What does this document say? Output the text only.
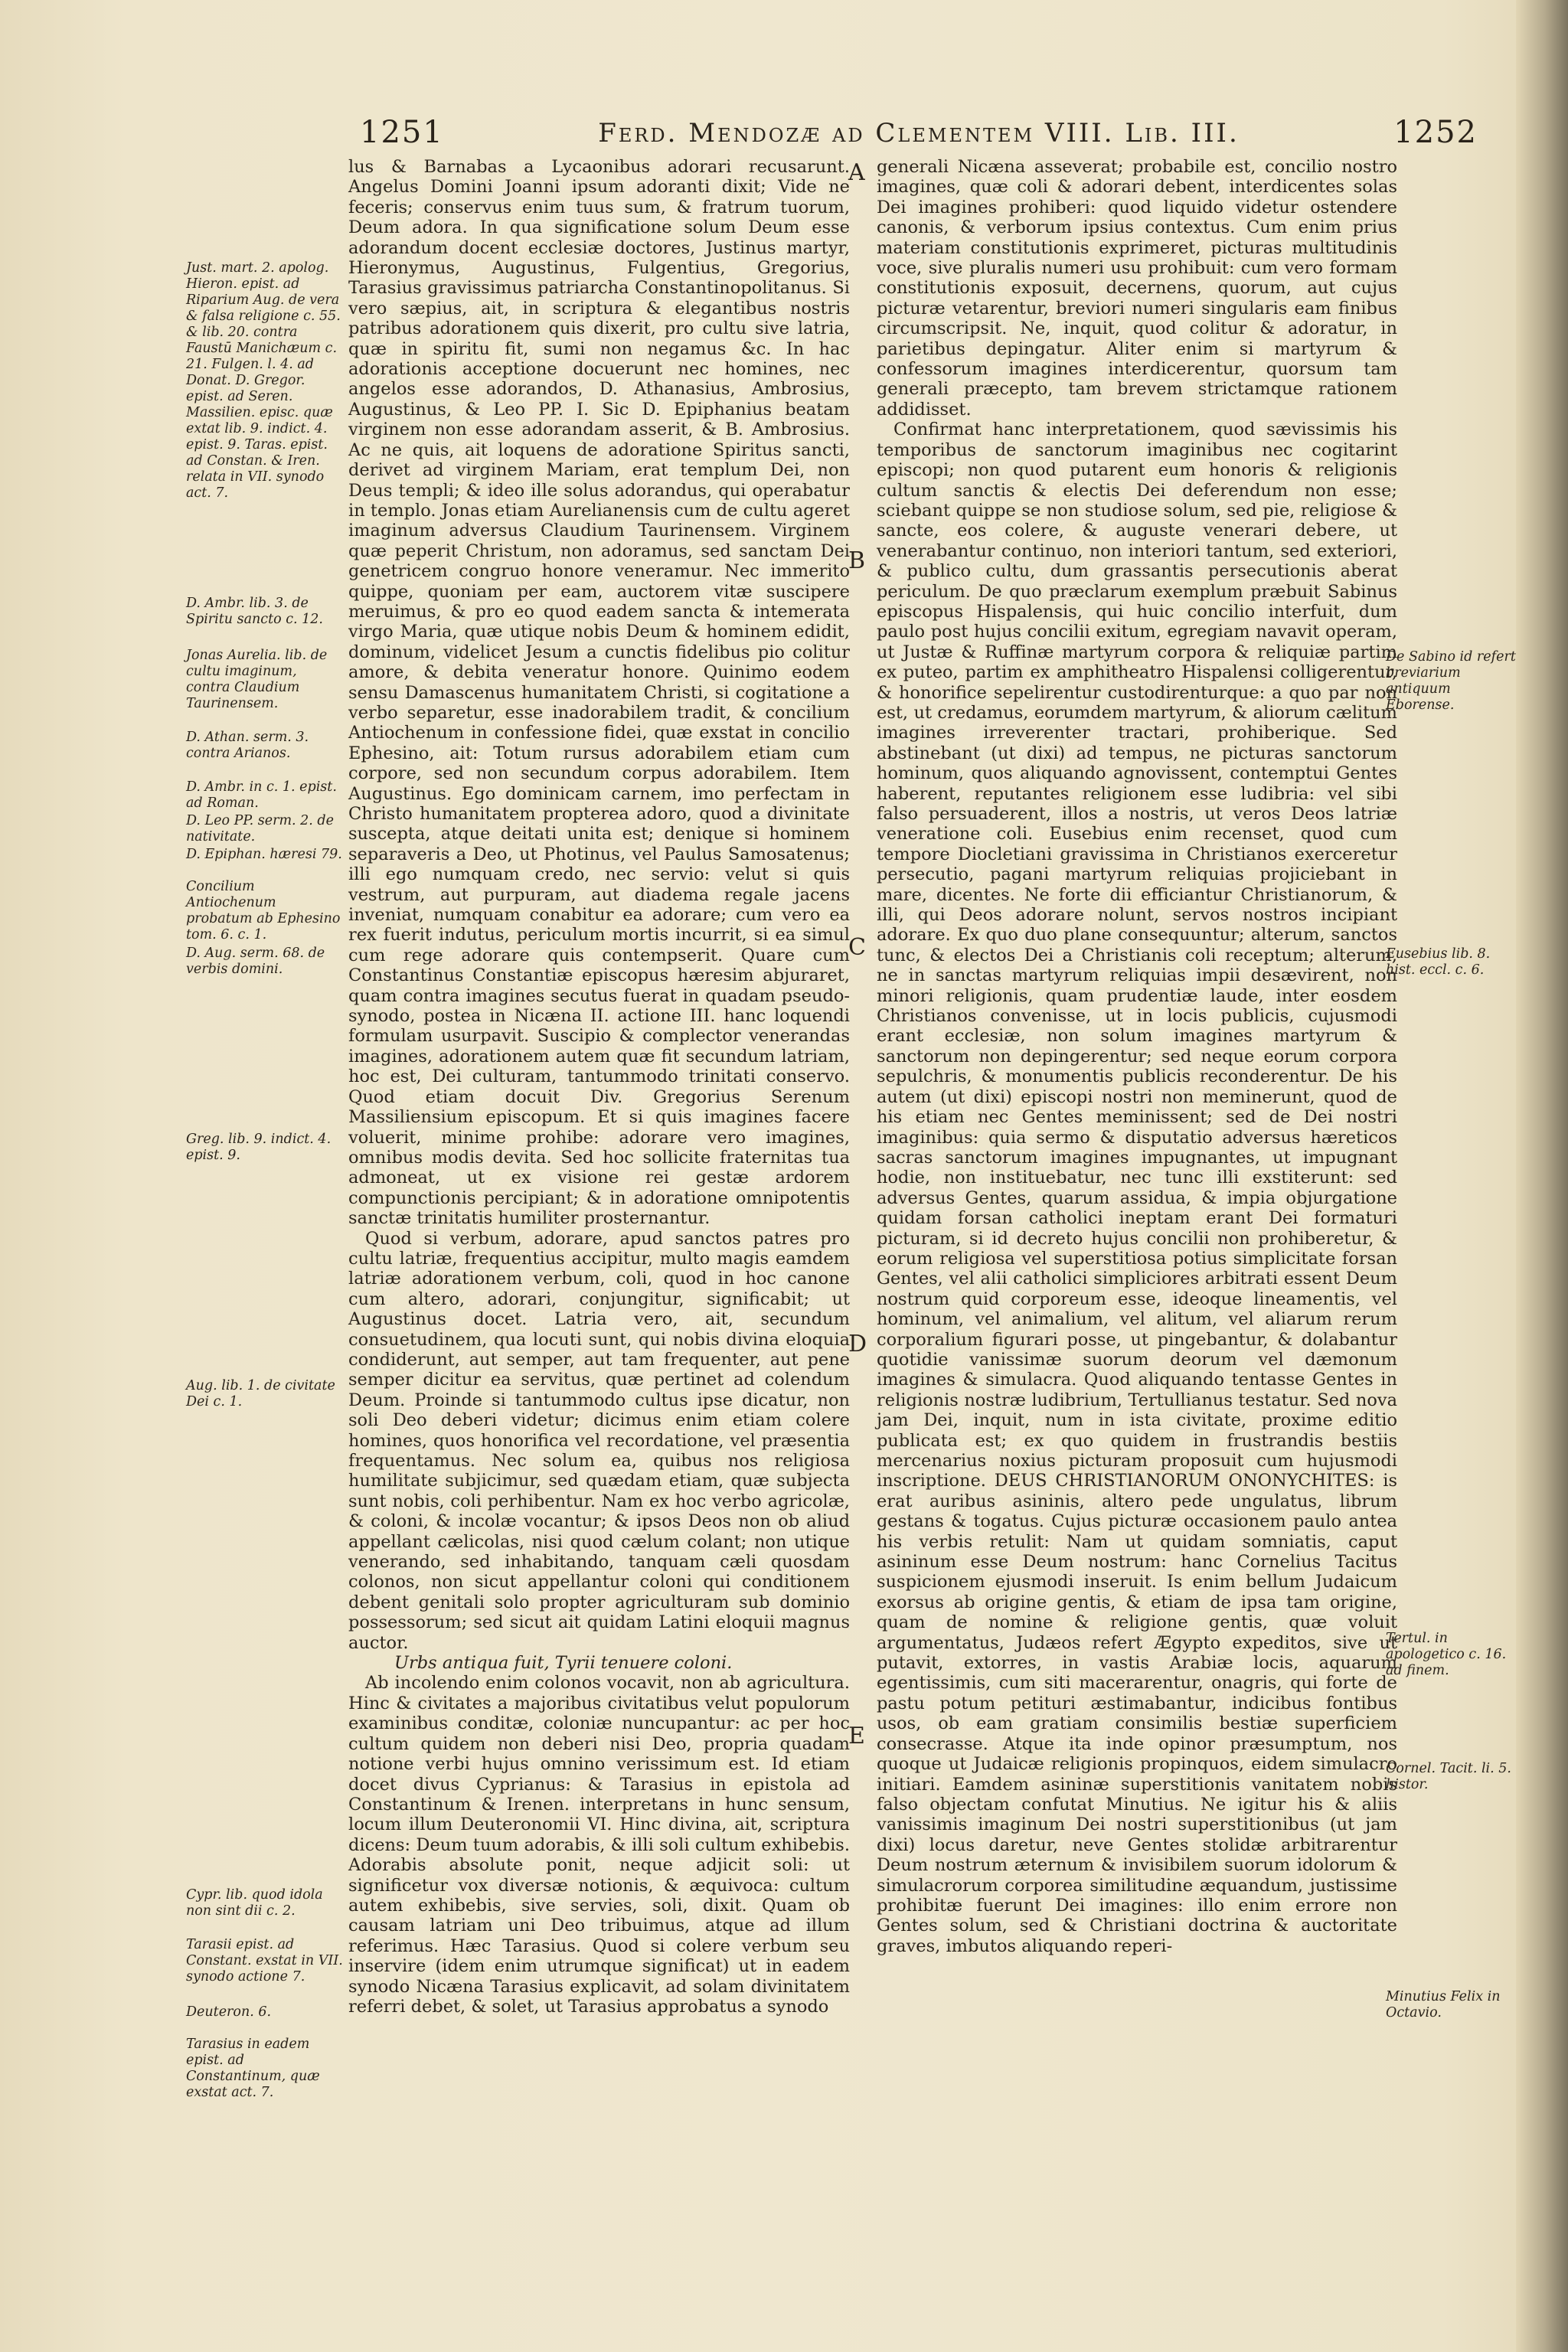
1251	Ferd. Mendozæ ad Clementem VIII. Lib. III.	1252
A
B
C
D
E
Just. mart. 2. apolog. Hieron. epist. ad Riparium Aug. de vera & falsa religione c. 55. & lib. 20. contra Faustū Manichæum c. 21. Fulgen. l. 4. ad Donat. D. Gregor. epist. ad Seren. Massilien. episc. quæ extat lib. 9. indict. 4. epist. 9. Taras. epist. ad Constan. & Iren. relata in VII. synodo act. 7.
D. Ambr. lib. 3. de Spiritu sancto c. 12.
Jonas Aurelia. lib. de cultu imaginum, contra Claudium Taurinensem.
D. Athan. serm. 3. contra Arianos.
D. Ambr. in c. 1. epist. ad Roman.
D. Leo PP. serm. 2. de nativitate.
D. Epiphan. hæresi 79.
Concilium Antiochenum probatum ab Ephesino tom. 6. c. 1.
D. Aug. serm. 68. de verbis domini.
Greg. lib. 9. indict. 4. epist. 9.
Aug. lib. 1. de civitate Dei c. 1.
Cypr. lib. quod idola non sint dii c. 2.
Tarasii epist. ad Constant. exstat in VII. synodo actione 7.
Deuteron. 6.
Tarasius in eadem epist. ad Constantinum, quæ exstat act. 7.
De Sabino id refert breviarium antiquum Eborense.
Eusebius lib. 8. hist. eccl. c. 6.
Tertul. in apologetico c. 16. ad finem.
Cornel. Tacit. li. 5. histor.
Minutius Felix in Octavio.

lus & Barnabas a Lycaonibus adorari recusarunt. Angelus Domini Joanni ipsum adoranti dixit; Vide ne feceris; conservus enim tuus sum, & fratrum tuorum, Deum adora. In qua significatione solum Deum esse adorandum docent ecclesiæ doctores, Justinus martyr, Hieronymus, Augustinus, Fulgentius, Gregorius, Tarasius gravissimus patriarcha Constantinopolitanus. Si vero sæpius, ait, in scriptura & elegantibus nostris patribus adorationem quis dixerit, pro cultu sive latria, quæ in spiritu fit, sumi non negamus &c. In hac adorationis acceptione docuerunt nec homines, nec angelos esse adorandos, D. Athanasius, Ambrosius, Augustinus, & Leo PP. I. Sic D. Epiphanius beatam virginem non esse adorandam asserit, & B. Ambrosius. Ac ne quis, ait loquens de adoratione Spiritus sancti, derivet ad virginem Mariam, erat templum Dei, non Deus templi; & ideo ille solus adorandus, qui operabatur in templo. Jonas etiam Aurelianensis cum de cultu ageret imaginum adversus Claudium Taurinensem. Virginem quæ peperit Christum, non adoramus, sed sanctam Dei genetricem congruo honore veneramur. Nec immerito quippe, quoniam per eam, auctorem vitæ suscipere meruimus, & pro eo quod eadem sancta & intemerata virgo Maria, quæ utique nobis Deum & hominem edidit, dominum, videlicet Jesum a cunctis fidelibus pio colitur amore, & debita veneratur honore. Quinimo eodem sensu Damascenus humanitatem Christi, si cogitatione a verbo separetur, esse inadorabilem tradit, & concilium Antiochenum in confessione fidei, quæ exstat in concilio Ephesino, ait: Totum rursus adorabilem etiam cum corpore, sed non secundum corpus adorabilem. Item Augustinus. Ego dominicam carnem, imo perfectam in Christo humanitatem propterea adoro, quod a divinitate suscepta, atque deitati unita est; denique si hominem separaveris a Deo, ut Photinus, vel Paulus Samosatenus; illi ego numquam credo, nec servio: velut si quis vestrum, aut purpuram, aut diadema regale jacens inveniat, numquam conabitur ea adorare; cum vero ea rex fuerit indutus, periculum mortis incurrit, si ea simul cum rege adorare quis contempserit. Quare cum Constantinus Constantiæ episcopus hæresim abjuraret, quam contra imagines secutus fuerat in quadam pseudo-synodo, postea in Nicæna II. actione III. hanc loquendi formulam usurpavit. Suscipio & complector venerandas imagines, adorationem autem quæ fit secundum latriam, hoc est, Dei culturam, tantummodo trinitati conservo. Quod etiam docuit Div. Gregorius Serenum Massiliensium episcopum. Et si quis imagines facere voluerit, minime prohibe: adorare vero imagines, omnibus modis devita. Sed hoc sollicite fraternitas tua admoneat, ut ex visione rei gestæ ardorem compunctionis percipiant; & in adoratione omnipotentis sanctæ trinitatis humiliter prosternantur.

Quod si verbum, adorare, apud sanctos patres pro cultu latriæ, frequentius accipitur, multo magis eamdem latriæ adorationem verbum, coli, quod in hoc canone cum altero, adorari, conjungitur, significabit; ut Augustinus docet. Latria vero, ait, secundum consuetudinem, qua locuti sunt, qui nobis divina eloquia condiderunt, aut semper, aut tam frequenter, aut pene semper dicitur ea servitus, quæ pertinet ad colendum Deum. Proinde si tantummodo cultus ipse dicatur, non soli Deo deberi videtur; dicimus enim etiam colere homines, quos honorifica vel recordatione, vel præsentia frequentamus. Nec solum ea, quibus nos religiosa humilitate subjicimur, sed quædam etiam, quæ subjecta sunt nobis, coli perhibentur. Nam ex hoc verbo agricolæ, & coloni, & incolæ vocantur; & ipsos Deos non ob aliud appellant cælicolas, nisi quod cælum colant; non utique venerando, sed inhabitando, tanquam cæli quosdam colonos, non sicut appellantur coloni qui conditionem debent genitali solo propter agriculturam sub dominio possessorum; sed sicut ait quidam Latini eloquii magnus auctor.

Urbs antiqua fuit, Tyrii tenuere coloni.

Ab incolendo enim colonos vocavit, non ab agricultura. Hinc & civitates a majoribus civitatibus velut populorum examinibus conditæ, coloniæ nuncupantur: ac per hoc cultum quidem non deberi nisi Deo, propria quadam notione verbi hujus omnino verissimum est. Id etiam docet divus Cyprianus: & Tarasius in epistola ad Constantinum & Irenen. interpretans in hunc sensum, locum illum Deuteronomii VI. Hinc divina, ait, scriptura dicens: Deum tuum adorabis, & illi soli cultum exhibebis. Adorabis absolute ponit, neque adjicit soli: ut significetur vox diversæ notionis, & æquivoca: cultum autem exhibebis, sive servies, soli, dixit. Quam ob causam latriam uni Deo tribuimus, atque ad illum referimus. Hæc Tarasius. Quod si colere verbum seu inservire (idem enim utrumque significat) ut in eadem synodo Nicæna Tarasius explicavit, ad solam divinitatem referri debet, & solet, ut Tarasius approbatus a synodo

generali Nicæna asseverat; probabile est, concilio nostro imagines, quæ coli & adorari debent, interdicentes solas Dei imagines prohiberi: quod liquido videtur ostendere canonis, & verborum ipsius contextus. Cum enim prius materiam constitutionis exprimeret, picturas multitudinis voce, sive pluralis numeri usu prohibuit: cum vero formam constitutionis exposuit, decernens, quorum, aut cujus picturæ vetarentur, breviori numeri singularis eam finibus circumscripsit. Ne, inquit, quod colitur & adoratur, in parietibus depingatur. Aliter enim si martyrum & confessorum imagines interdicerentur, quorsum tam generali præcepto, tam brevem strictamque rationem addidisset.

Confirmat hanc interpretationem, quod sævissimis his temporibus de sanctorum imaginibus nec cogitarint episcopi; non quod putarent eum honoris & religionis cultum sanctis & electis Dei deferendum non esse; sciebant quippe se non studiose solum, sed pie, religiose & sancte, eos colere, & auguste venerari debere, ut venerabantur continuo, non interiori tantum, sed exteriori, & publico cultu, dum grassantis persecutionis aberat periculum. De quo præclarum exemplum præbuit Sabinus episcopus Hispalensis, qui huic concilio interfuit, dum paulo post hujus concilii exitum, egregiam navavit operam, ut Justæ & Ruffinæ martyrum corpora & reliquiæ partim ex puteo, partim ex amphitheatro Hispalensi colligerentur, & honorifice sepelirentur custodirenturque: a quo par non est, ut credamus, eorumdem martyrum, & aliorum cælitum imagines irreverenter tractari, prohiberique. Sed abstinebant (ut dixi) ad tempus, ne picturas sanctorum hominum, quos aliquando agnovissent, contemptui Gentes haberent, reputantes religionem esse ludibria: vel sibi falso persuaderent, illos a nostris, ut veros Deos latriæ veneratione coli. Eusebius enim recenset, quod cum tempore Diocletiani gravissima in Christianos exerceretur persecutio, pagani martyrum reliquias projiciebant in mare, dicentes. Ne forte dii efficiantur Christianorum, & illi, qui Deos adorare nolunt, servos nostros incipiant adorare. Ex quo duo plane consequuntur; alterum, sanctos tunc, & electos Dei a Christianis coli receptum; alterum, ne in sanctas martyrum reliquias impii desævirent, non minori religionis, quam prudentiæ laude, inter eosdem Christianos convenisse, ut in locis publicis, cujusmodi erant ecclesiæ, non solum imagines martyrum & sanctorum non depingerentur; sed neque eorum corpora sepulchris, & monumentis publicis reconderentur. De his autem (ut dixi) episcopi nostri non meminerunt, quod de his etiam nec Gentes meminissent; sed de Dei nostri imaginibus: quia sermo & disputatio adversus hæreticos sacras sanctorum imagines impugnantes, ut impugnant hodie, non instituebatur, nec tunc illi exstiterunt: sed adversus Gentes, quarum assidua, & impia objurgatione quidam forsan catholici ineptam erant Dei formaturi picturam, si id decreto hujus concilii non prohiberetur, & eorum religiosa vel superstitiosa potius simplicitate forsan Gentes, vel alii catholici simpliciores arbitrati essent Deum nostrum quid corporeum esse, ideoque lineamentis, vel hominum, vel animalium, vel alitum, vel aliarum rerum corporalium figurari posse, ut pingebantur, & dolabantur quotidie vanissimæ suorum deorum vel dæmonum imagines & simulacra. Quod aliquando tentasse Gentes in religionis nostræ ludibrium, Tertullianus testatur. Sed nova jam Dei, inquit, num in ista civitate, proxime editio publicata est; ex quo quidem in frustrandis bestiis mercenarius noxius picturam proposuit cum hujusmodi inscriptione. DEUS CHRISTIANORUM ONONYCHITES: is erat auribus asininis, altero pede ungulatus, librum gestans & togatus. Cujus picturæ occasionem paulo antea his verbis retulit: Nam ut quidam somniatis, caput asininum esse Deum nostrum: hanc Cornelius Tacitus suspicionem ejusmodi inseruit. Is enim bellum Judaicum exorsus ab origine gentis, & etiam de ipsa tam origine, quam de nomine & religione gentis, quæ voluit argumentatus, Judæos refert Ægypto expeditos, sive ut putavit, extorres, in vastis Arabiæ locis, aquarum egentissimis, cum siti macerarentur, onagris, qui forte de pastu potum petituri æstimabantur, indicibus fontibus usos, ob eam gratiam consimilis bestiæ superficiem consecrasse. Atque ita inde opinor præsumptum, nos quoque ut Judaicæ religionis propinquos, eidem simulacro initiari. Eamdem asininæ superstitionis vanitatem nobis falso objectam confutat Minutius. Ne igitur his & aliis vanissimis imaginum Dei nostri superstitionibus (ut jam dixi) locus daretur, neve Gentes stolidæ arbitrarentur Deum nostrum æternum & invisibilem suorum idolorum & simulacrorum corporea similitudine æquandum, justissime prohibitæ fuerunt Dei imagines: illo enim errore non Gentes solum, sed & Christiani doctrina & auctoritate graves, imbutos aliquando reperi-
